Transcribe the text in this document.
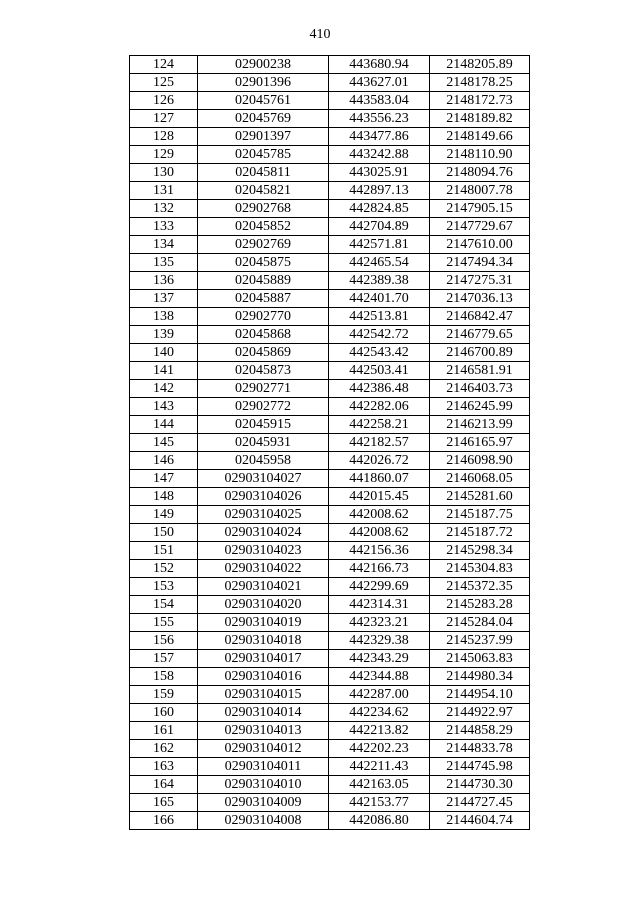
410
124	02900238	443680.94	2148205.89
125	02901396	443627.01	2148178.25
126	02045761	443583.04	2148172.73
127	02045769	443556.23	2148189.82
128	02901397	443477.86	2148149.66
129	02045785	443242.88	2148110.90
130	02045811	443025.91	2148094.76
131	02045821	442897.13	2148007.78
132	02902768	442824.85	2147905.15
133	02045852	442704.89	2147729.67
134	02902769	442571.81	2147610.00
135	02045875	442465.54	2147494.34
136	02045889	442389.38	2147275.31
137	02045887	442401.70	2147036.13
138	02902770	442513.81	2146842.47
139	02045868	442542.72	2146779.65
140	02045869	442543.42	2146700.89
141	02045873	442503.41	2146581.91
142	02902771	442386.48	2146403.73
143	02902772	442282.06	2146245.99
144	02045915	442258.21	2146213.99
145	02045931	442182.57	2146165.97
146	02045958	442026.72	2146098.90
147	02903104027	441860.07	2146068.05
148	02903104026	442015.45	2145281.60
149	02903104025	442008.62	2145187.75
150	02903104024	442008.62	2145187.72
151	02903104023	442156.36	2145298.34
152	02903104022	442166.73	2145304.83
153	02903104021	442299.69	2145372.35
154	02903104020	442314.31	2145283.28
155	02903104019	442323.21	2145284.04
156	02903104018	442329.38	2145237.99
157	02903104017	442343.29	2145063.83
158	02903104016	442344.88	2144980.34
159	02903104015	442287.00	2144954.10
160	02903104014	442234.62	2144922.97
161	02903104013	442213.82	2144858.29
162	02903104012	442202.23	2144833.78
163	02903104011	442211.43	2144745.98
164	02903104010	442163.05	2144730.30
165	02903104009	442153.77	2144727.45
166	02903104008	442086.80	2144604.74
